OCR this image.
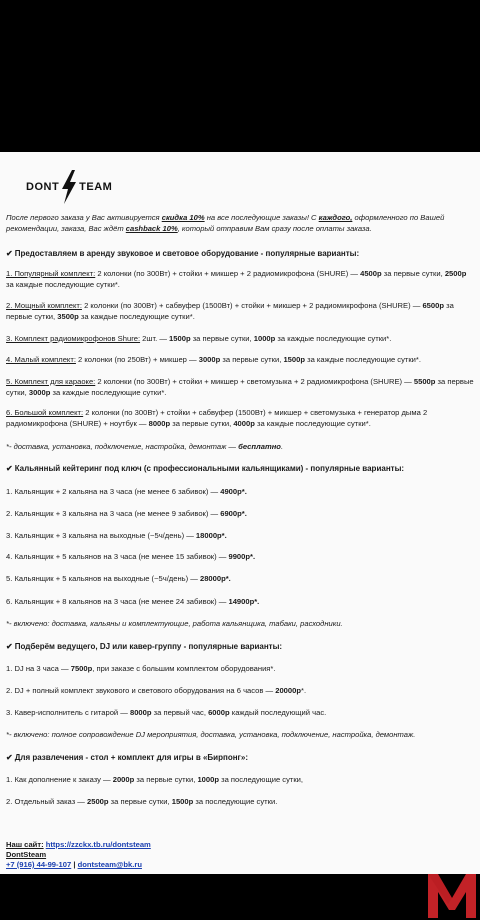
DONT TEAM
После первого заказа у Вас активируется скидка 10% на все последующие заказы! С каждого, оформленного по Вашей рекомендации, заказа, Вас ждёт cashback 10%, который отправим Вам сразу после оплаты заказа.
✔ Предоставляем в аренду звуковое и световое оборудование - популярные варианты:
1. Популярный комплект: 2 колонки (по 300Вт) + стойки + микшер + 2 радиомикрофона (SHURE) — 4500р за первые сутки, 2500р за каждые последующие сутки*.
2. Мощный комплект: 2 колонки (по 300Вт) + сабвуфер (1500Вт) + стойки + микшер + 2 радиомикрофона (SHURE) — 6500р за первые сутки, 3500р за каждые последующие сутки*.
3. Комплект радиомикрофонов Shure: 2шт. — 1500р за первые сутки, 1000р за каждые последующие сутки*.
4. Малый комплект: 2 колонки (по 250Вт) + микшер — 3000р за первые сутки, 1500р за каждые последующие сутки*.
5. Комплект для караоке: 2 колонки (по 300Вт) + стойки + микшер + светомузыка + 2 радиомикрофона (SHURE) — 5500р за первые сутки, 3000р за каждые последующие сутки*.
6. Большой комплект: 2 колонки (по 300Вт) + стойки + сабвуфер (1500Вт) + микшер + светомузыка + генератор дыма 2 радиомикрофона (SHURE) + ноутбук — 8000р за первые сутки, 4000р за каждые последующие сутки*.
*- доставка, установка, подключение, настройка, демонтаж — бесплатно.
✔ Кальянный кейтеринг под ключ (с профессиональными кальянщиками) - популярные варианты:
1. Кальянщик + 2 кальяна на 3 часа (не менее 6 забивок) — 4900р*.
2. Кальянщик + 3 кальяна на 3 часа (не менее 9 забивок) — 6900р*.
3. Кальянщик + 3 кальяна на выходные (~5ч/день) — 18000р*.
4. Кальянщик + 5 кальянов на 3 часа (не менее 15 забивок) — 9900р*.
5. Кальянщик + 5 кальянов на выходные (~5ч/день) — 28000р*.
6. Кальянщик + 8 кальянов на 3 часа (не менее 24 забивок) — 14900р*.
*- включено: доставка, кальяны и комплектующие, работа кальянщика, табаки, расходники.
✔ Подберём ведущего, DJ или кавер-группу - популярные варианты:
1. DJ на 3 часа — 7500р, при заказе с большим комплектом оборудования*.
2. DJ + полный комплект звукового и светового оборудования на 6 часов — 20000р*.
3. Кавер-исполнитель с гитарой — 8000р за первый час, 6000р каждый последующий час.
*- включено: полное сопровождение DJ мероприятия, доставка, установка, подключение, настройка, демонтаж.
✔ Для развлечения - стол + комплект для игры в «Бирпонг»:
1. Как дополнение к заказу — 2000р за первые сутки, 1000р за последующие сутки,
2. Отдельный заказ — 2500р за первые сутки, 1500р за последующие сутки.
Наш сайт: https://zzckx.tb.ru/dontsteam
DontSteam
+7 (916) 44-99-107 | dontsteam@bk.ru
